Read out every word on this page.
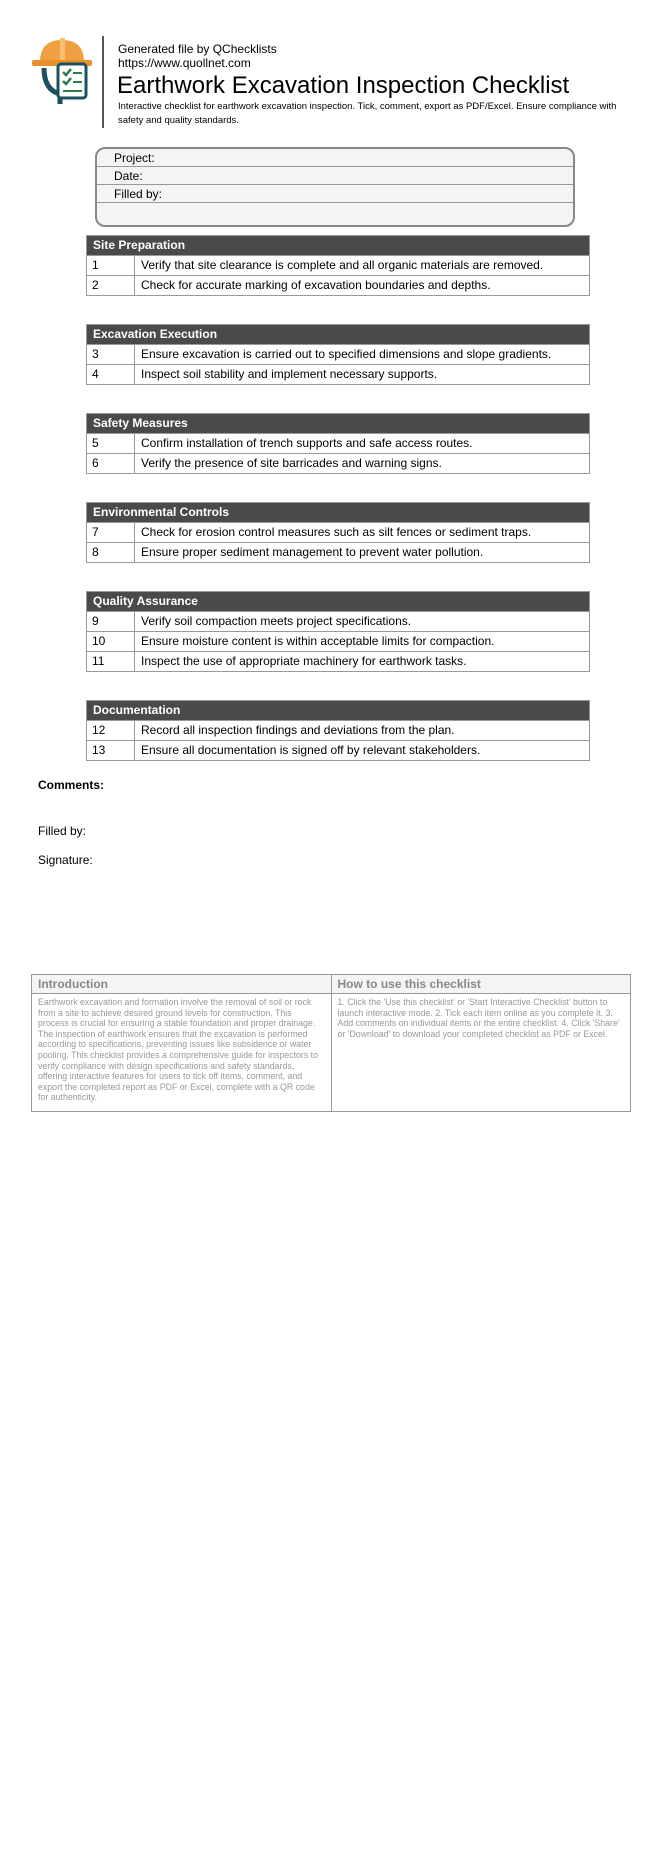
Generated file by QChecklists
https://www.quollnet.com
Earthwork Excavation Inspection Checklist
Interactive checklist for earthwork excavation inspection. Tick, comment, export as PDF/Excel. Ensure compliance with safety and quality standards.
Project:
Date:
Filled by:
Site Preparation
1	Verify that site clearance is complete and all organic materials are removed.
2	Check for accurate marking of excavation boundaries and depths.
Excavation Execution
3	Ensure excavation is carried out to specified dimensions and slope gradients.
4	Inspect soil stability and implement necessary supports.
Safety Measures
5	Confirm installation of trench supports and safe access routes.
6	Verify the presence of site barricades and warning signs.
Environmental Controls
7	Check for erosion control measures such as silt fences or sediment traps.
8	Ensure proper sediment management to prevent water pollution.
Quality Assurance
9	Verify soil compaction meets project specifications.
10	Ensure moisture content is within acceptable limits for compaction.
11	Inspect the use of appropriate machinery for earthwork tasks.
Documentation
12	Record all inspection findings and deviations from the plan.
13	Ensure all documentation is signed off by relevant stakeholders.
Comments:
Filled by:
Signature:
Introduction
Earthwork excavation and formation involve the removal of soil or rock from a site to achieve desired ground levels for construction. This process is crucial for ensuring a stable foundation and proper drainage. The inspection of earthwork ensures that the excavation is performed according to specifications, preventing issues like subsidence or water pooling. This checklist provides a comprehensive guide for inspectors to verify compliance with design specifications and safety standards, offering interactive features for users to tick off items, comment, and export the completed report as PDF or Excel, complete with a QR code for authenticity.
How to use this checklist
1. Click the 'Use this checklist' or 'Start Interactive Checklist' button to launch interactive mode. 2. Tick each item online as you complete it. 3. Add comments on individual items or the entire checklist. 4. Click 'Share' or 'Download' to download your completed checklist as PDF or Excel.
